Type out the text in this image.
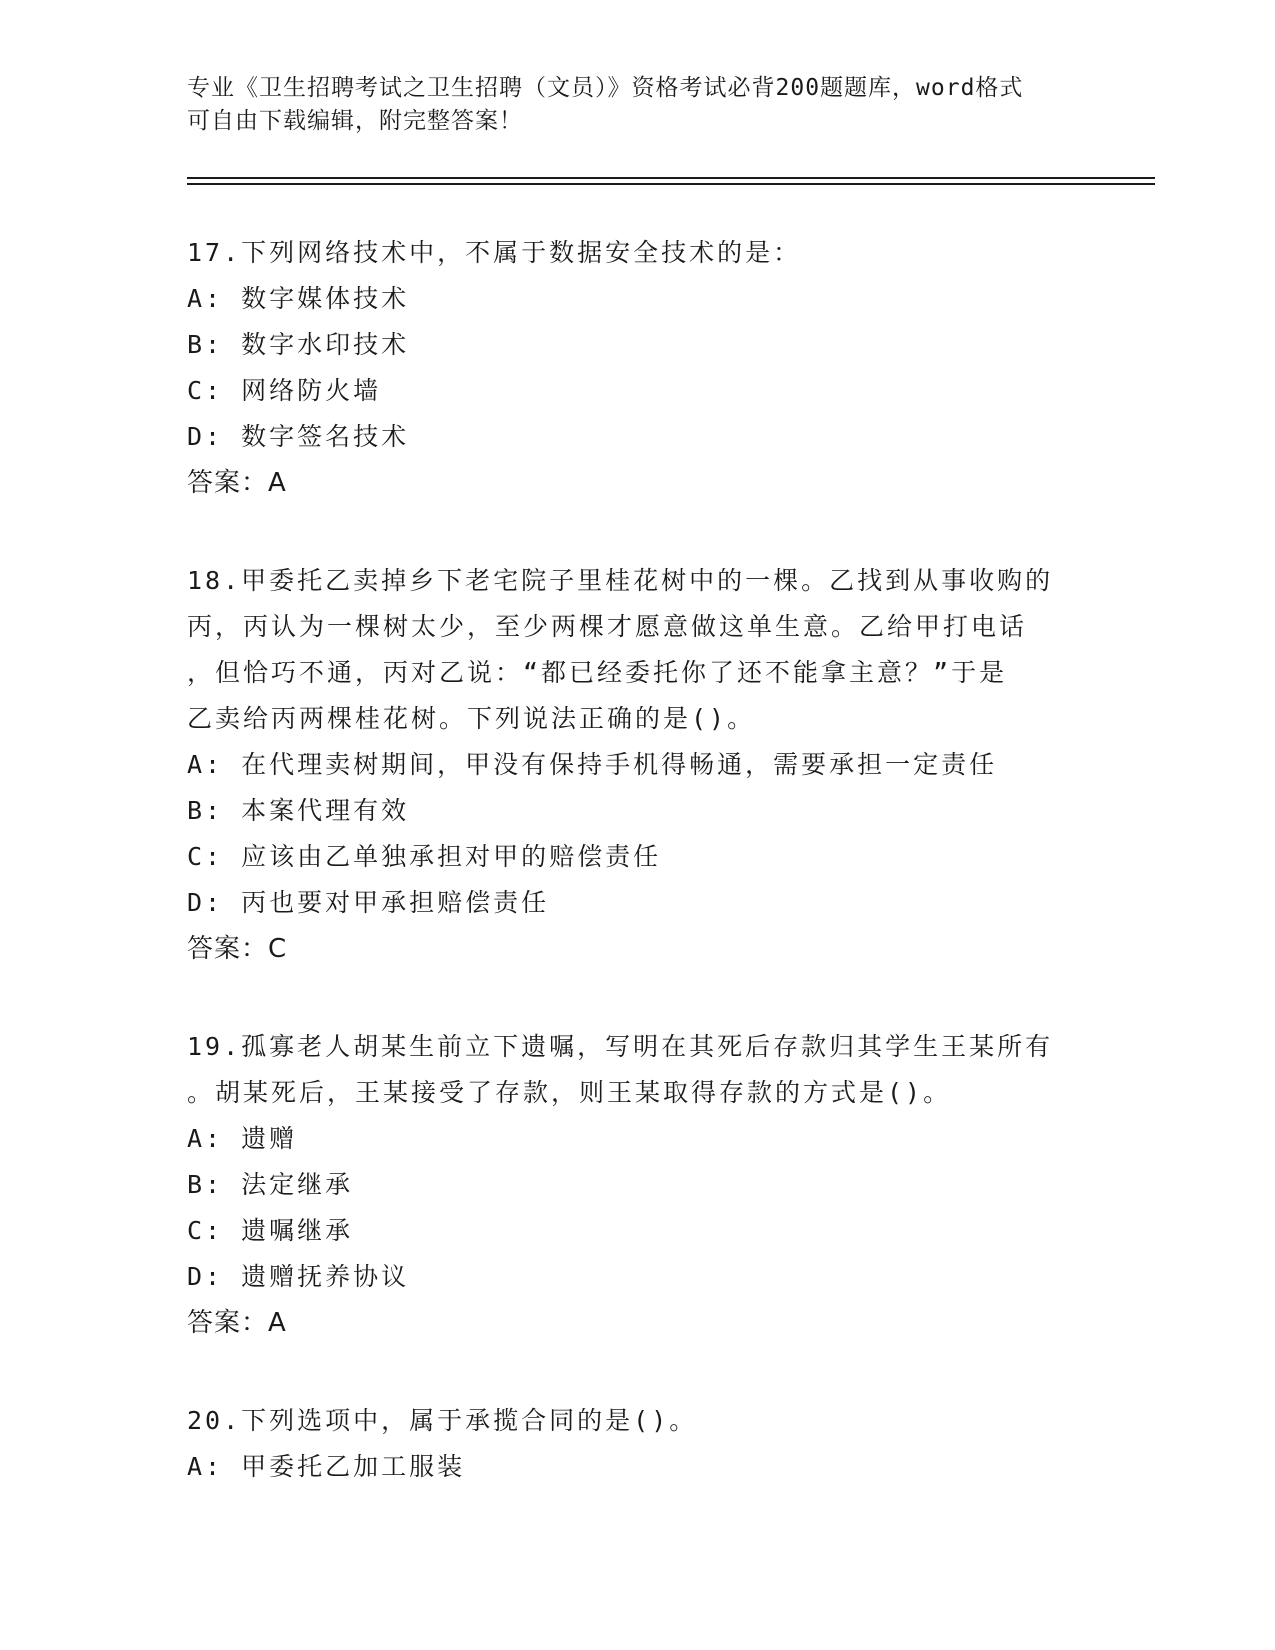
专业《卫生招聘考试之卫生招聘（文员）》资格考试必背200题题库，word格式
可自由下载编辑，附完整答案！
17.下列网络技术中，不属于数据安全技术的是：
A: 数字媒体技术
B: 数字水印技术
C: 网络防火墙
D: 数字签名技术
答案：A
18.甲委托乙卖掉乡下老宅院子里桂花树中的一棵。乙找到从事收购的
丙，丙认为一棵树太少，至少两棵才愿意做这单生意。乙给甲打电话
，但恰巧不通，丙对乙说：“都已经委托你了还不能拿主意？”于是
乙卖给丙两棵桂花树。下列说法正确的是()。
A: 在代理卖树期间，甲没有保持手机得畅通，需要承担一定责任
B: 本案代理有效
C: 应该由乙单独承担对甲的赔偿责任
D: 丙也要对甲承担赔偿责任
答案：C
19.孤寡老人胡某生前立下遗嘱，写明在其死后存款归其学生王某所有
。胡某死后，王某接受了存款，则王某取得存款的方式是()。
A: 遗赠
B: 法定继承
C: 遗嘱继承
D: 遗赠抚养协议
答案：A
20.下列选项中，属于承揽合同的是()。
A: 甲委托乙加工服装
